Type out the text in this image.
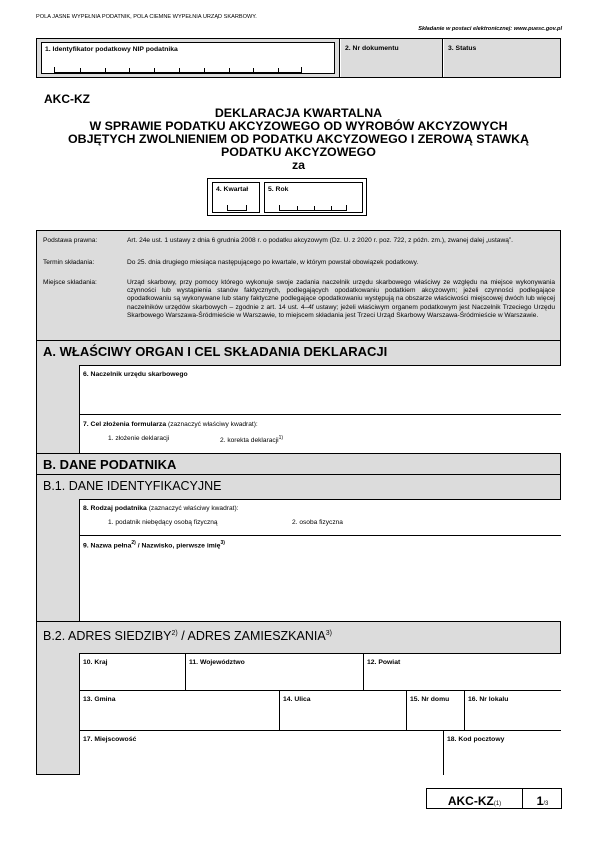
POLA JASNE WYPEŁNIA PODATNIK, POLA CIEMNE WYPEŁNIA URZĄD SKARBOWY.
Składanie w postaci elektronicznej: www.puesc.gov.pl
1. Identyfikator podatkowy NIP podatnika	2. Nr dokumentu	3. Status
AKC-KZ
DEKLARACJA KWARTALNA
W SPRAWIE PODATKU AKCYZOWEGO OD WYROBÓW AKCYZOWYCH
OBJĘTYCH ZWOLNIENIEM OD PODATKU AKCYZOWEGO I ZEROWĄ STAWKĄ
PODATKU AKCYZOWEGO
za
4. Kwartał	5. Rok
Podstawa prawna:	Art. 24e ust. 1 ustawy z dnia 6 grudnia 2008 r. o podatku akcyzowym (Dz. U. z 2020 r. poz. 722, z późn. zm.), zwanej dalej „ustawą”.
Termin składania:	Do 25. dnia drugiego miesiąca następującego po kwartale, w którym powstał obowiązek podatkowy.
Miejsce składania:	Urząd skarbowy, przy pomocy którego wykonuje swoje zadania naczelnik urzędu skarbowego właściwy ze względu na miejsce wykonywania czynności lub wystąpienia stanów faktycznych, podlegających opodatkowaniu podatkiem akcyzowym; jeżeli czynności podlegające opodatkowaniu są wykonywane lub stany faktyczne podlegające opodatkowaniu występują na obszarze właściwości miejscowej dwóch lub więcej naczelników urzędów skarbowych – zgodnie z art. 14 ust. 4–4f ustawy; jeżeli właściwym organem podatkowym jest Naczelnik Trzeciego Urzędu Skarbowego Warszawa-Śródmieście w Warszawie, to miejscem składania jest Trzeci Urząd Skarbowy Warszawa-Śródmieście w Warszawie.
A. WŁAŚCIWY ORGAN I CEL SKŁADANIA DEKLARACJI
6. Naczelnik urzędu skarbowego
7. Cel złożenia formularza (zaznaczyć właściwy kwadrat):
1. złożenie deklaracji	2. korekta deklaracji$^{1)}$
B. DANE PODATNIKA
B.1. DANE IDENTYFIKACYJNE
8. Rodzaj podatnika (zaznaczyć właściwy kwadrat):
1. podatnik niebędący osobą fizyczną	2. osoba fizyczna
9. Nazwa pełna$^{2)}$ / Nazwisko, pierwsze imię$^{3)}$
B.2. ADRES SIEDZIBY$^{2)}$ / ADRES ZAMIESZKANIA$^{3)}$
10. Kraj	11. Województwo	12. Powiat
13. Gmina	14. Ulica	15. Nr domu	16. Nr lokalu
17. Miejscowość	18. Kod pocztowy
AKC-KZ(1)	1/3
